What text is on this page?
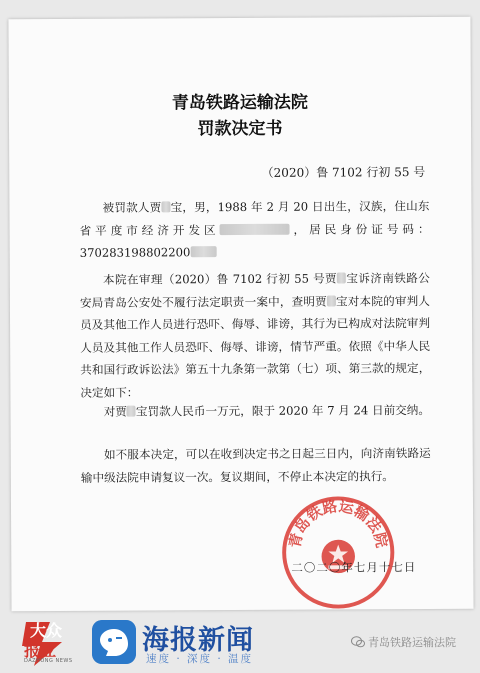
青岛铁路运输法院
罚款决定书
（2020）鲁 7102 行初 55 号

被罚款人贾 宝，男，1988 年 2 月 20 日出生，汉族，住山东省平度市经济开发区	，居民身份证号码：370283198802200

本院在审理（2020）鲁 7102 行初 55 号贾 宝诉济南铁路公安局青岛公安处不履行法定职责一案中，查明贾 宝对本院的审判人员及其他工作人员进行恐吓、侮辱、诽谤，其行为已构成对法院审判人员及其他工作人员恐吓、侮辱、诽谤，情节严重。依照《中华人民共和国行政诉讼法》第五十九条第一款第（七）项、第三款的规定，决定如下：

对贾 宝罚款人民币一万元，限于 2020 年 7 月 24 日前交纳。

如不服本决定，可以在收到决定书之日起三日内，向济南铁路运输中级法院申请复议一次。复议期间，不停止本决定的执行。

青岛铁路运输法院
二〇二〇年七月十七日
大众
报业
DAZHONG NEWS
海报新闻
速度 · 深度 · 温度
青岛铁路运输法院
